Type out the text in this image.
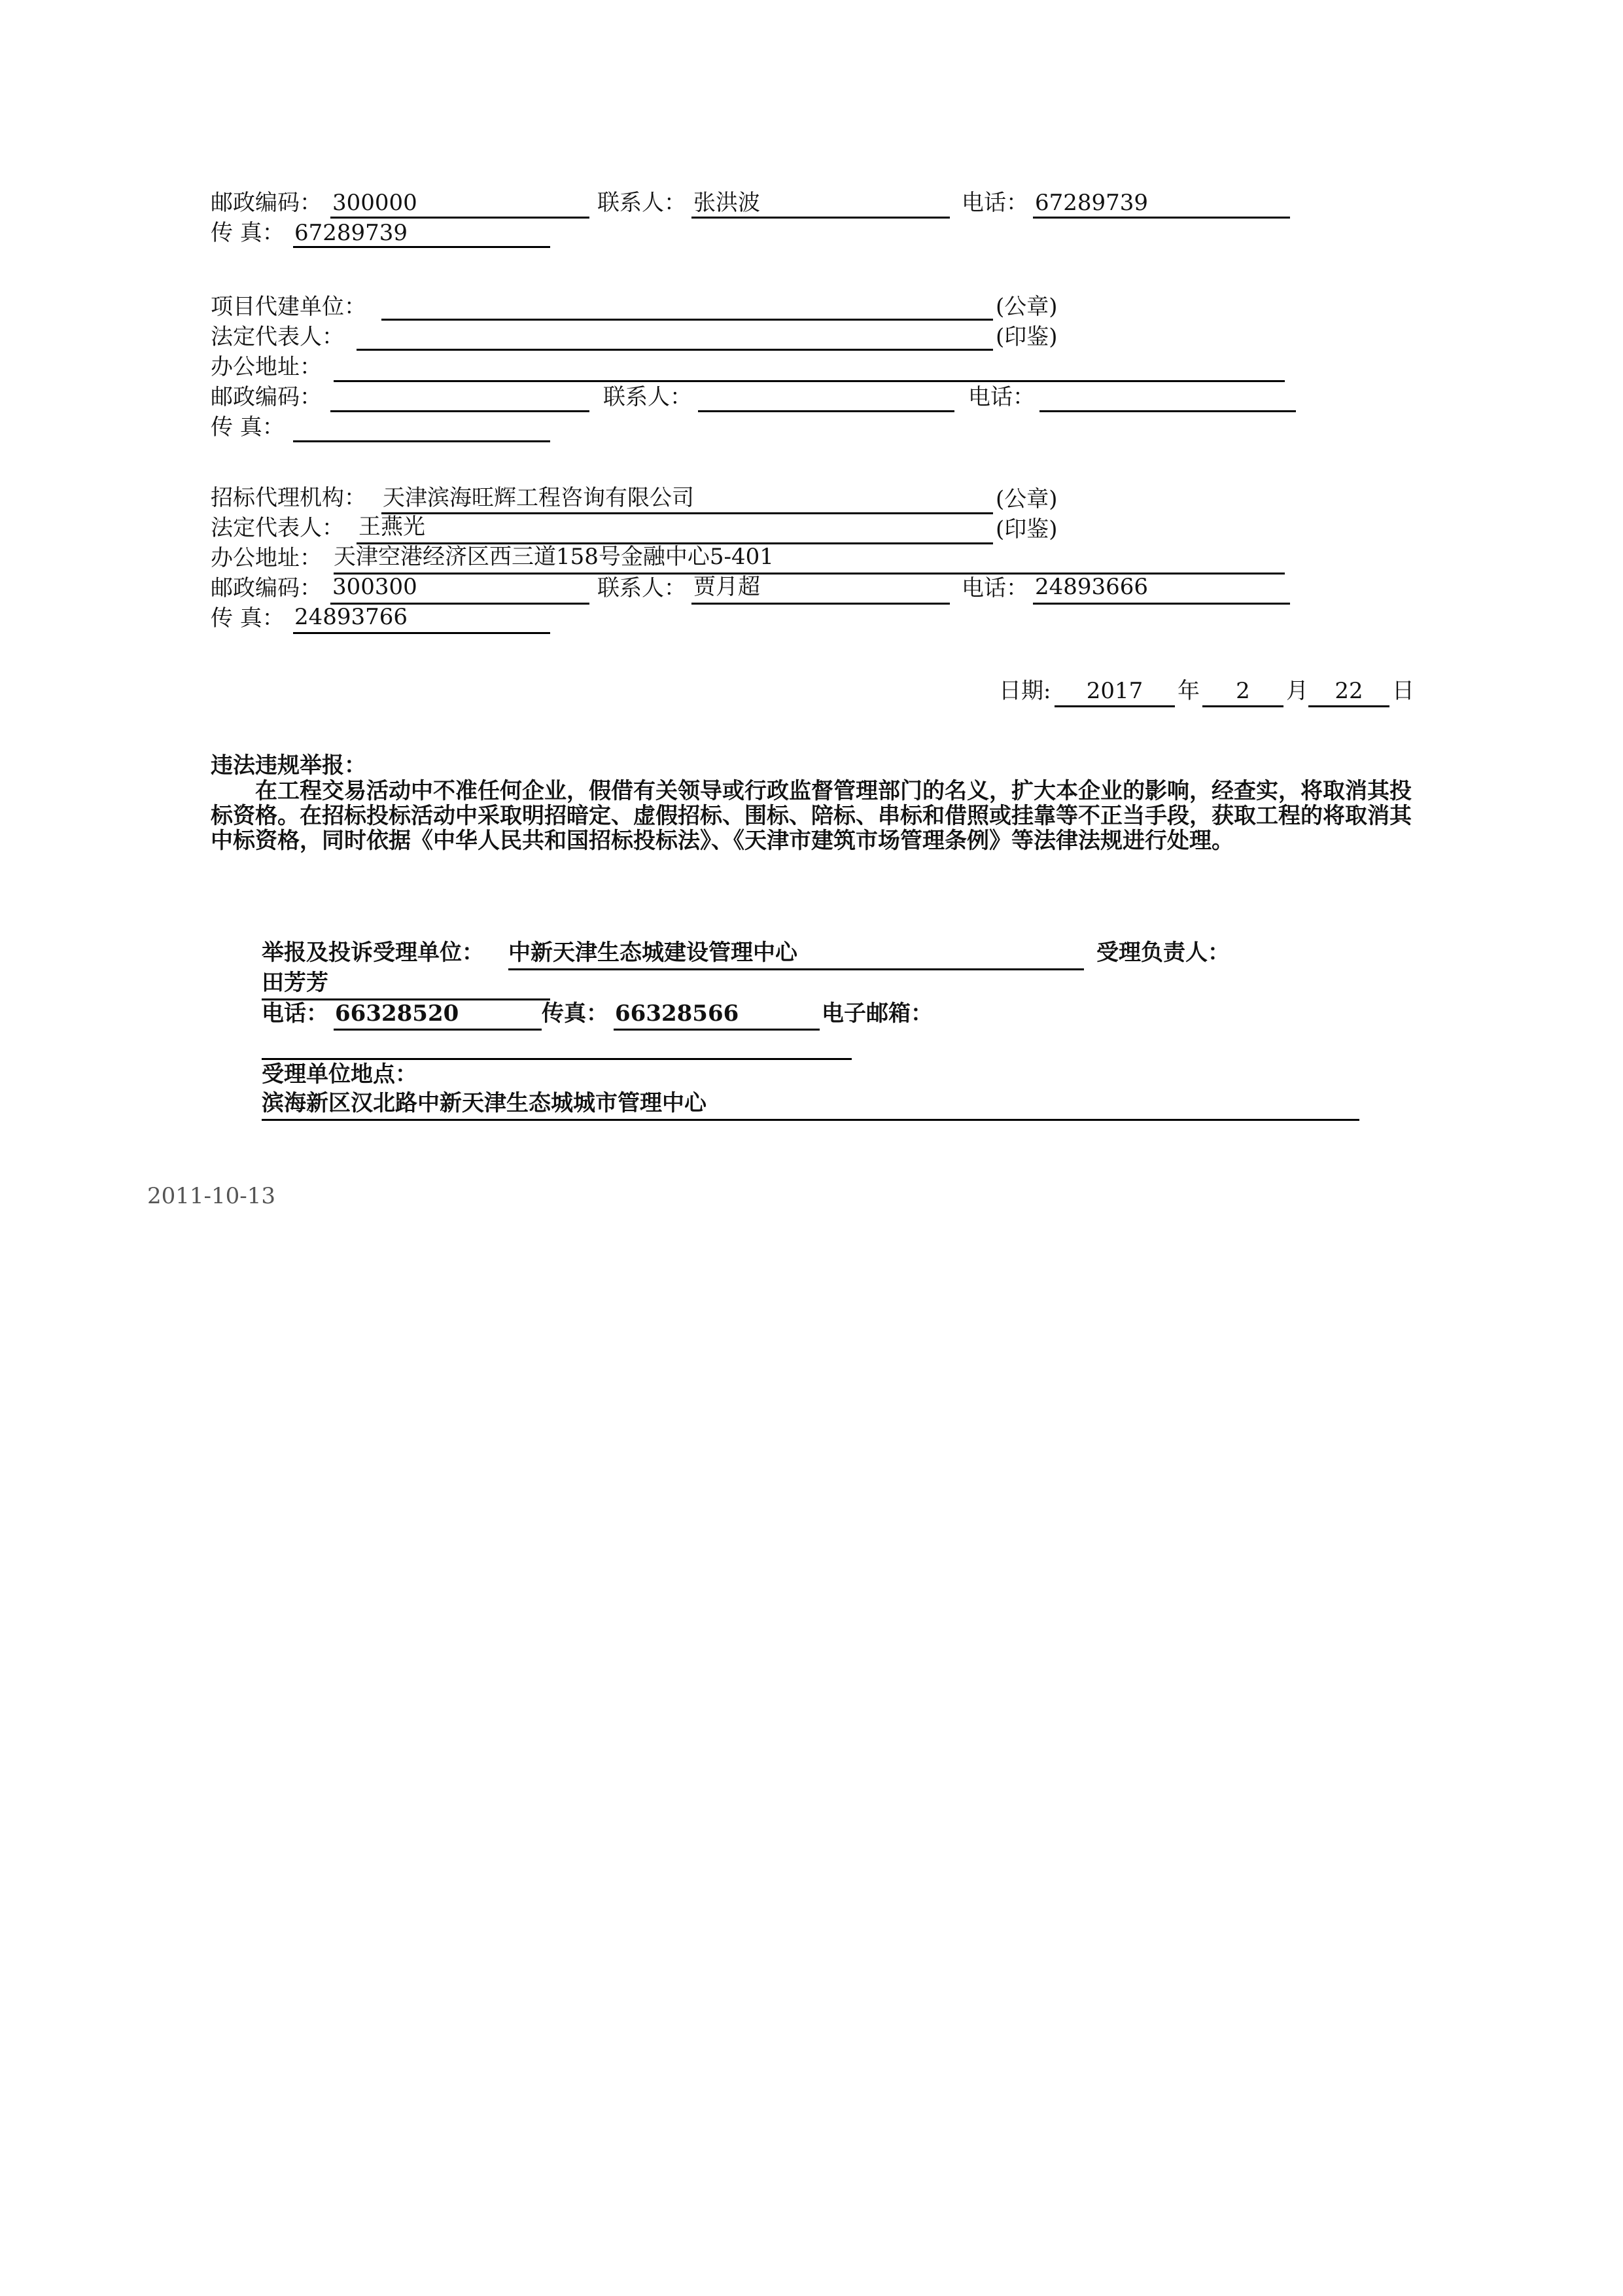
邮政编码： 300000	联系人： 张洪波	电话： 67289739
传 真： 67289739
项目代建单位：	(公章)
法定代表人：	(印鉴)
办公地址：
邮政编码：	联系人：	电话：
传 真：
招标代理机构： 天津滨海旺辉工程咨询有限公司	(公章)
法定代表人： 王燕光	(印鉴)
办公地址： 天津空港经济区西三道158号金融中心5-401
邮政编码： 300300	联系人： 贾月超	电话： 24893666
传 真： 24893766
日期:	2017	年	2	月	22	日
违法违规举报：
在工程交易活动中不准任何企业，假借有关领导或行政监督管理部门的名义，扩大本企业的影响，经查实，将取消其投标资格。在招标投标活动中采取明招暗定、虚假招标、围标、陪标、串标和借照或挂靠等不正当手段，获取工程的将取消其中标资格，同时依据《中华人民共和国招标投标法》、《天津市建筑市场管理条例》等法律法规进行处理。
举报及投诉受理单位： 中新天津生态城建设管理中心	受理负责人：
田芳芳
电话： 66328520	传真： 66328566	电子邮箱：
受理单位地点：
滨海新区汉北路中新天津生态城城市管理中心
2011-10-13
